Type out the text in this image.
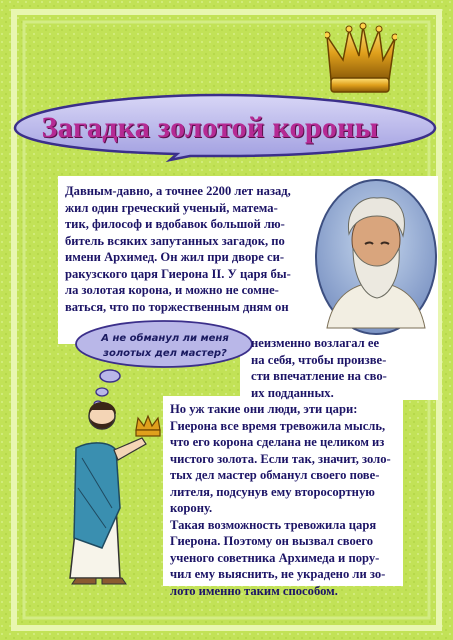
Загадка золотой короны
А не обманул ли меня
золотых дел мастер?
Давным-давно, а точнее 2200 лет назад,
жил один греческий ученый, матема-
тик, философ и вдобавок большой лю-
битель всяких запутанных загадок, по
имени Архимед. Он жил при дворе си-
ракузского царя Гиерона II. У царя бы-
ла золотая корона, и можно не сомне-
ваться, что по торжественным дням он
неизменно возлагал ее
на себя, чтобы произве-
сти впечатление на сво-
их подданных.
Но уж такие они люди, эти цари:
Гиерона все время тревожила мысль,
что его корона сделана не целиком из
чистого золота. Если так, значит, золо-
тых дел мастер обманул своего пове-
лителя, подсунув ему второсортную
корону.
Такая возможность тревожила царя
Гиерона. Поэтому он вызвал своего
ученого советника Архимеда и пору-
чил ему выяснить, не украдено ли зо-
лото именно таким способом.
